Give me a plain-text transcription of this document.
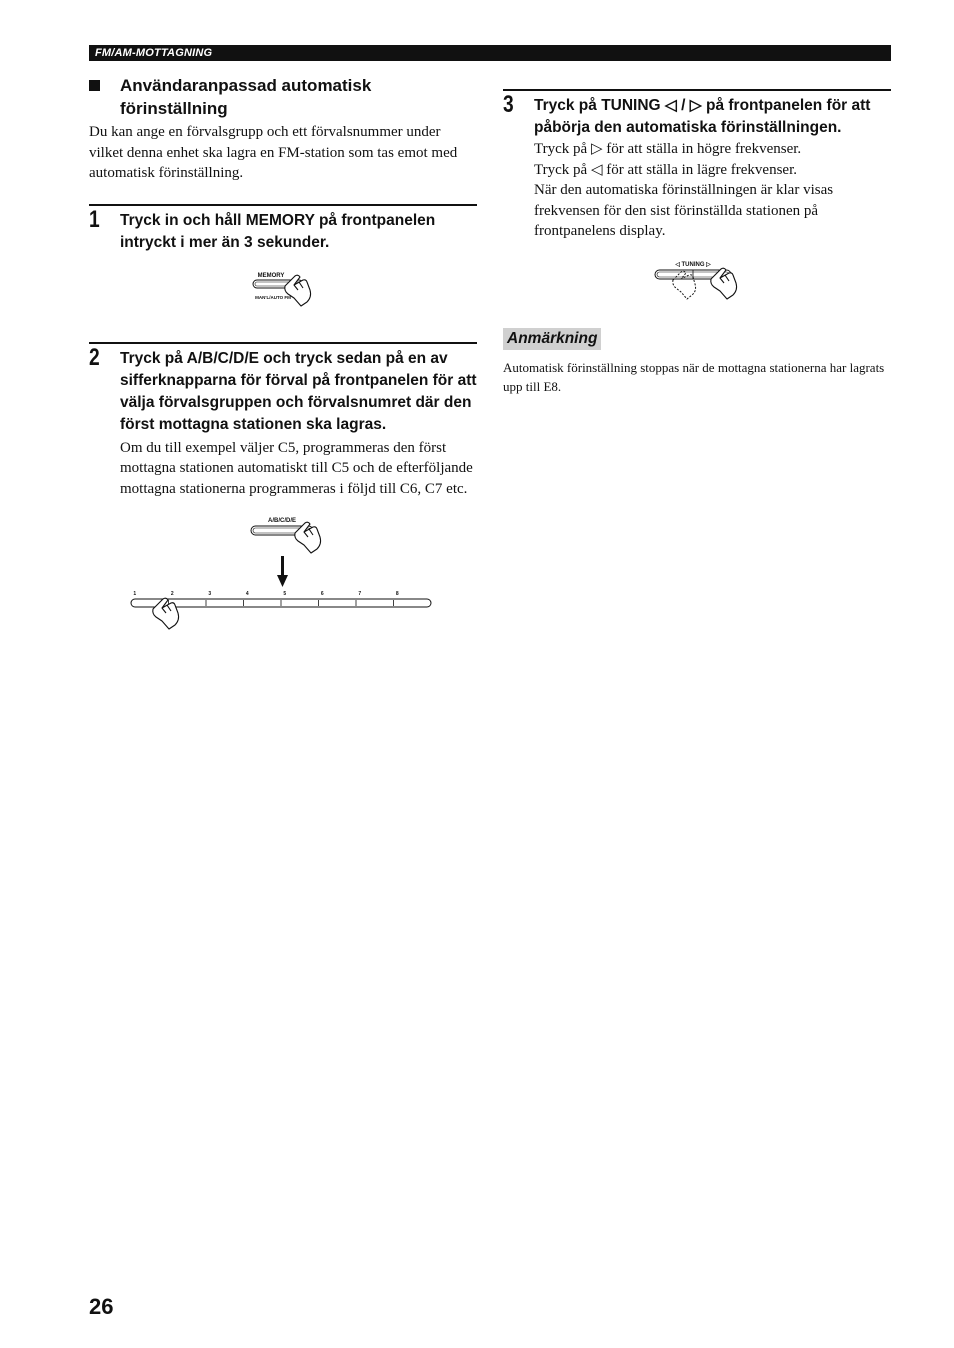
FM/AM-MOTTAGNING
Användaranpassad automatisk förinställning
Du kan ange en förvalsgrupp och ett förvalsnummer under vilket denna enhet ska lagra en FM-station som tas emot med automatisk förinställning.
1	Tryck in och håll MEMORY på frontpanelen intryckt i mer än 3 sekunder.
MEMORY
MAN'L/AUTO FM
2	Tryck på A/B/C/D/E och tryck sedan på en av sifferknapparna för förval på frontpanelen för att välja förvalsgruppen och förvalsnumret där den först mottagna stationen ska lagras.
Om du till exempel väljer C5, programmeras den först mottagna stationen automatiskt till C5 och de efterföljande mottagna stationerna programmeras i följd till C6, C7 etc.
A/B/C/D/E
1	2	3	4	5	6	7	8
3	Tryck på TUNING ◁ / ▷ på frontpanelen för att påbörja den automatiska förinställningen.
Tryck på ▷ för att ställa in högre frekvenser.
Tryck på ◁ för att ställa in lägre frekvenser.
När den automatiska förinställningen är klar visas frekvensen för den sist förinställda stationen på frontpanelens display.
◁ TUNING ▷
Anmärkning
Automatisk förinställning stoppas när de mottagna stationerna har lagrats upp till E8.
26
